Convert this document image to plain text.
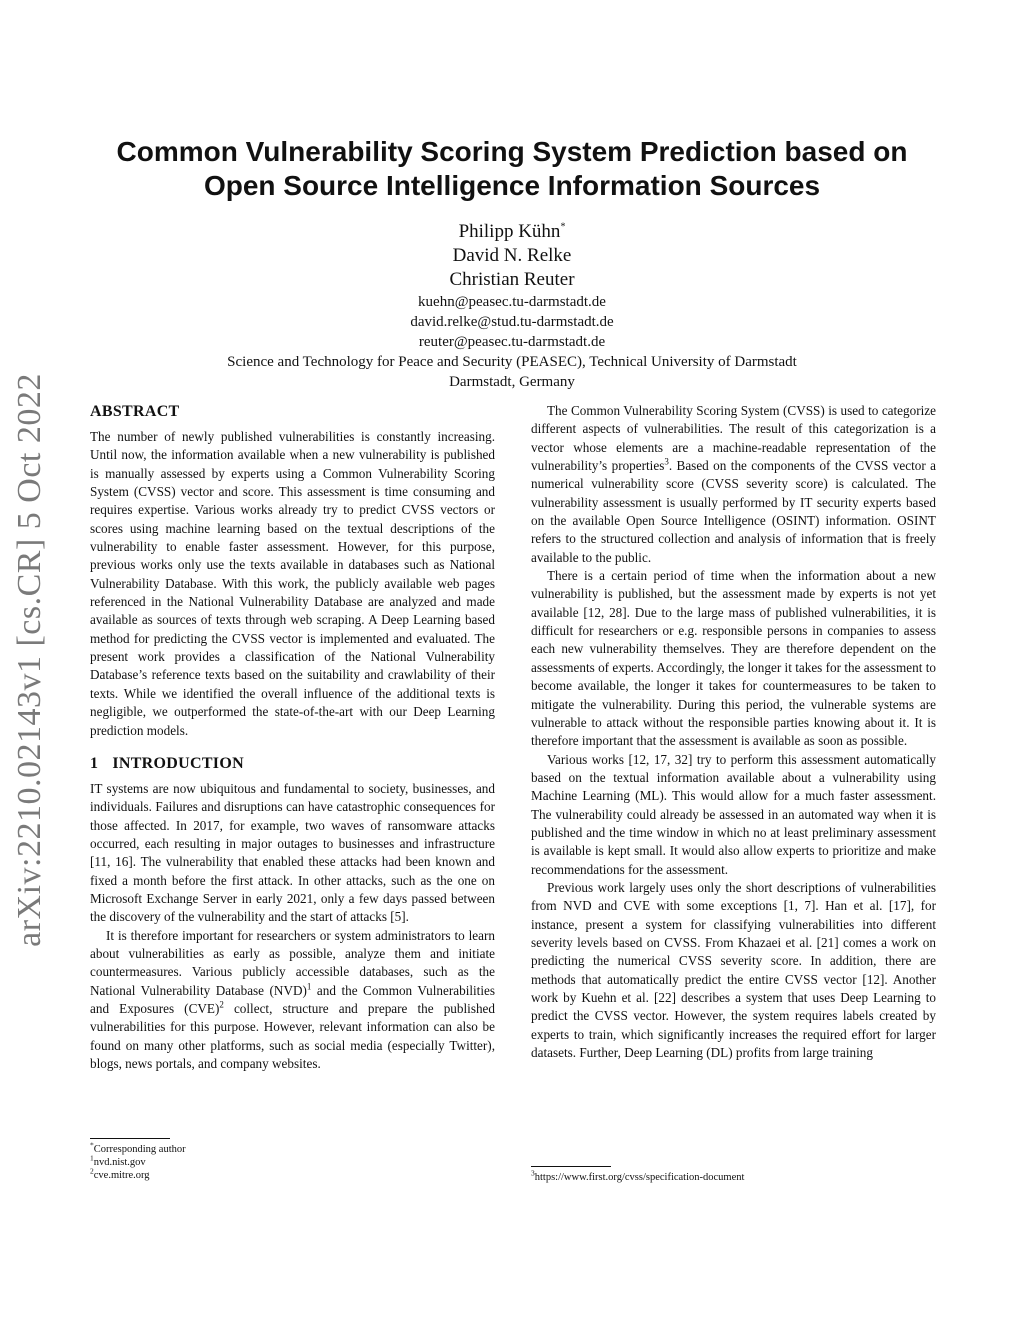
arXiv:2210.02143v1 [cs.CR] 5 Oct 2022
Common Vulnerability Scoring System Prediction based on
Open Source Intelligence Information Sources
Philipp Kühn*
David N. Relke
Christian Reuter
kuehn@peasec.tu-darmstadt.de
david.relke@stud.tu-darmstadt.de
reuter@peasec.tu-darmstadt.de
Science and Technology for Peace and Security (PEASEC), Technical University of Darmstadt
Darmstadt, Germany
ABSTRACT

The number of newly published vulnerabilities is constantly increasing. Until now, the information available when a new vulnerability is published is manually assessed by experts using a Common Vulnerability Scoring System (CVSS) vector and score. This assessment is time consuming and requires expertise. Various works already try to predict CVSS vectors or scores using machine learning based on the textual descriptions of the vulnerability to enable faster assessment. However, for this purpose, previous works only use the texts available in databases such as National Vulnerability Database. With this work, the publicly available web pages referenced in the National Vulnerability Database are analyzed and made available as sources of texts through web scraping. A Deep Learning based method for predicting the CVSS vector is implemented and evaluated. The present work provides a classification of the National Vulnerability Database’s reference texts based on the suitability and crawlability of their texts. While we identified the overall influence of the additional texts is negligible, we outperformed the state-of-the-art with our Deep Learning prediction models.

1 INTRODUCTION

IT systems are now ubiquitous and fundamental to society, businesses, and individuals. Failures and disruptions can have catastrophic consequences for those affected. In 2017, for example, two waves of ransomware attacks occurred, each resulting in major outages to businesses and infrastructure [11, 16]. The vulnerability that enabled these attacks had been known and fixed a month before the first attack. In other attacks, such as the one on Microsoft Exchange Server in early 2021, only a few days passed between the discovery of the vulnerability and the start of attacks [5].

It is therefore important for researchers or system administrators to learn about vulnerabilities as early as possible, analyze them and initiate countermeasures. Various publicly accessible databases, such as the National Vulnerability Database (NVD)$^1$ and the Common Vulnerabilities and Exposures (CVE)$^2$ collect, structure and prepare the published vulnerabilities for this purpose. However, relevant information can also be found on many other platforms, such as social media (especially Twitter), blogs, news portals, and company websites.

The Common Vulnerability Scoring System (CVSS) is used to categorize different aspects of vulnerabilities. The result of this categorization is a vector whose elements are a machine-readable representation of the vulnerability’s properties$^3$. Based on the components of the CVSS vector a numerical vulnerability score (CVSS severity score) is calculated. The vulnerability assessment is usually performed by IT security experts based on the available Open Source Intelligence (OSINT) information. OSINT refers to the structured collection and analysis of information that is freely available to the public.

There is a certain period of time when the information about a new vulnerability is published, but the assessment made by experts is not yet available [12, 28]. Due to the large mass of published vulnerabilities, it is difficult for researchers or e.g. responsible persons in companies to assess each new vulnerability themselves. They are therefore dependent on the assessments of experts. Accordingly, the longer it takes for the assessment to become available, the longer it takes for countermeasures to be taken to mitigate the vulnerability. During this period, the vulnerable systems are vulnerable to attack without the responsible parties knowing about it. It is therefore important that the assessment is available as soon as possible.

Various works [12, 17, 32] try to perform this assessment automatically based on the textual information available about a vulnerability using Machine Learning (ML). This would allow for a much faster assessment. The vulnerability could already be assessed in an automated way when it is published and the time window in which no at least preliminary assessment is available is kept small. It would also allow experts to prioritize and make recommendations for the assessment.

Previous work largely uses only the short descriptions of vulnerabilities from NVD and CVE with some exceptions [1, 7]. Han et al. [17], for instance, present a system for classifying vulnerabilities into different severity levels based on CVSS. From Khazaei et al. [21] comes a work on predicting the numerical CVSS severity score. In addition, there are methods that automatically predict the entire CVSS vector [12]. Another work by Kuehn et al. [22] describes a system that uses Deep Learning to predict the CVSS vector. However, the system requires labels created by experts to train, which significantly increases the required effort for larger datasets. Further, Deep Learning (DL) profits from large training

*Corresponding author
$^1$nvd.nist.gov
$^2$cve.mitre.org	$^3$https://www.first.org/cvss/specification-document
